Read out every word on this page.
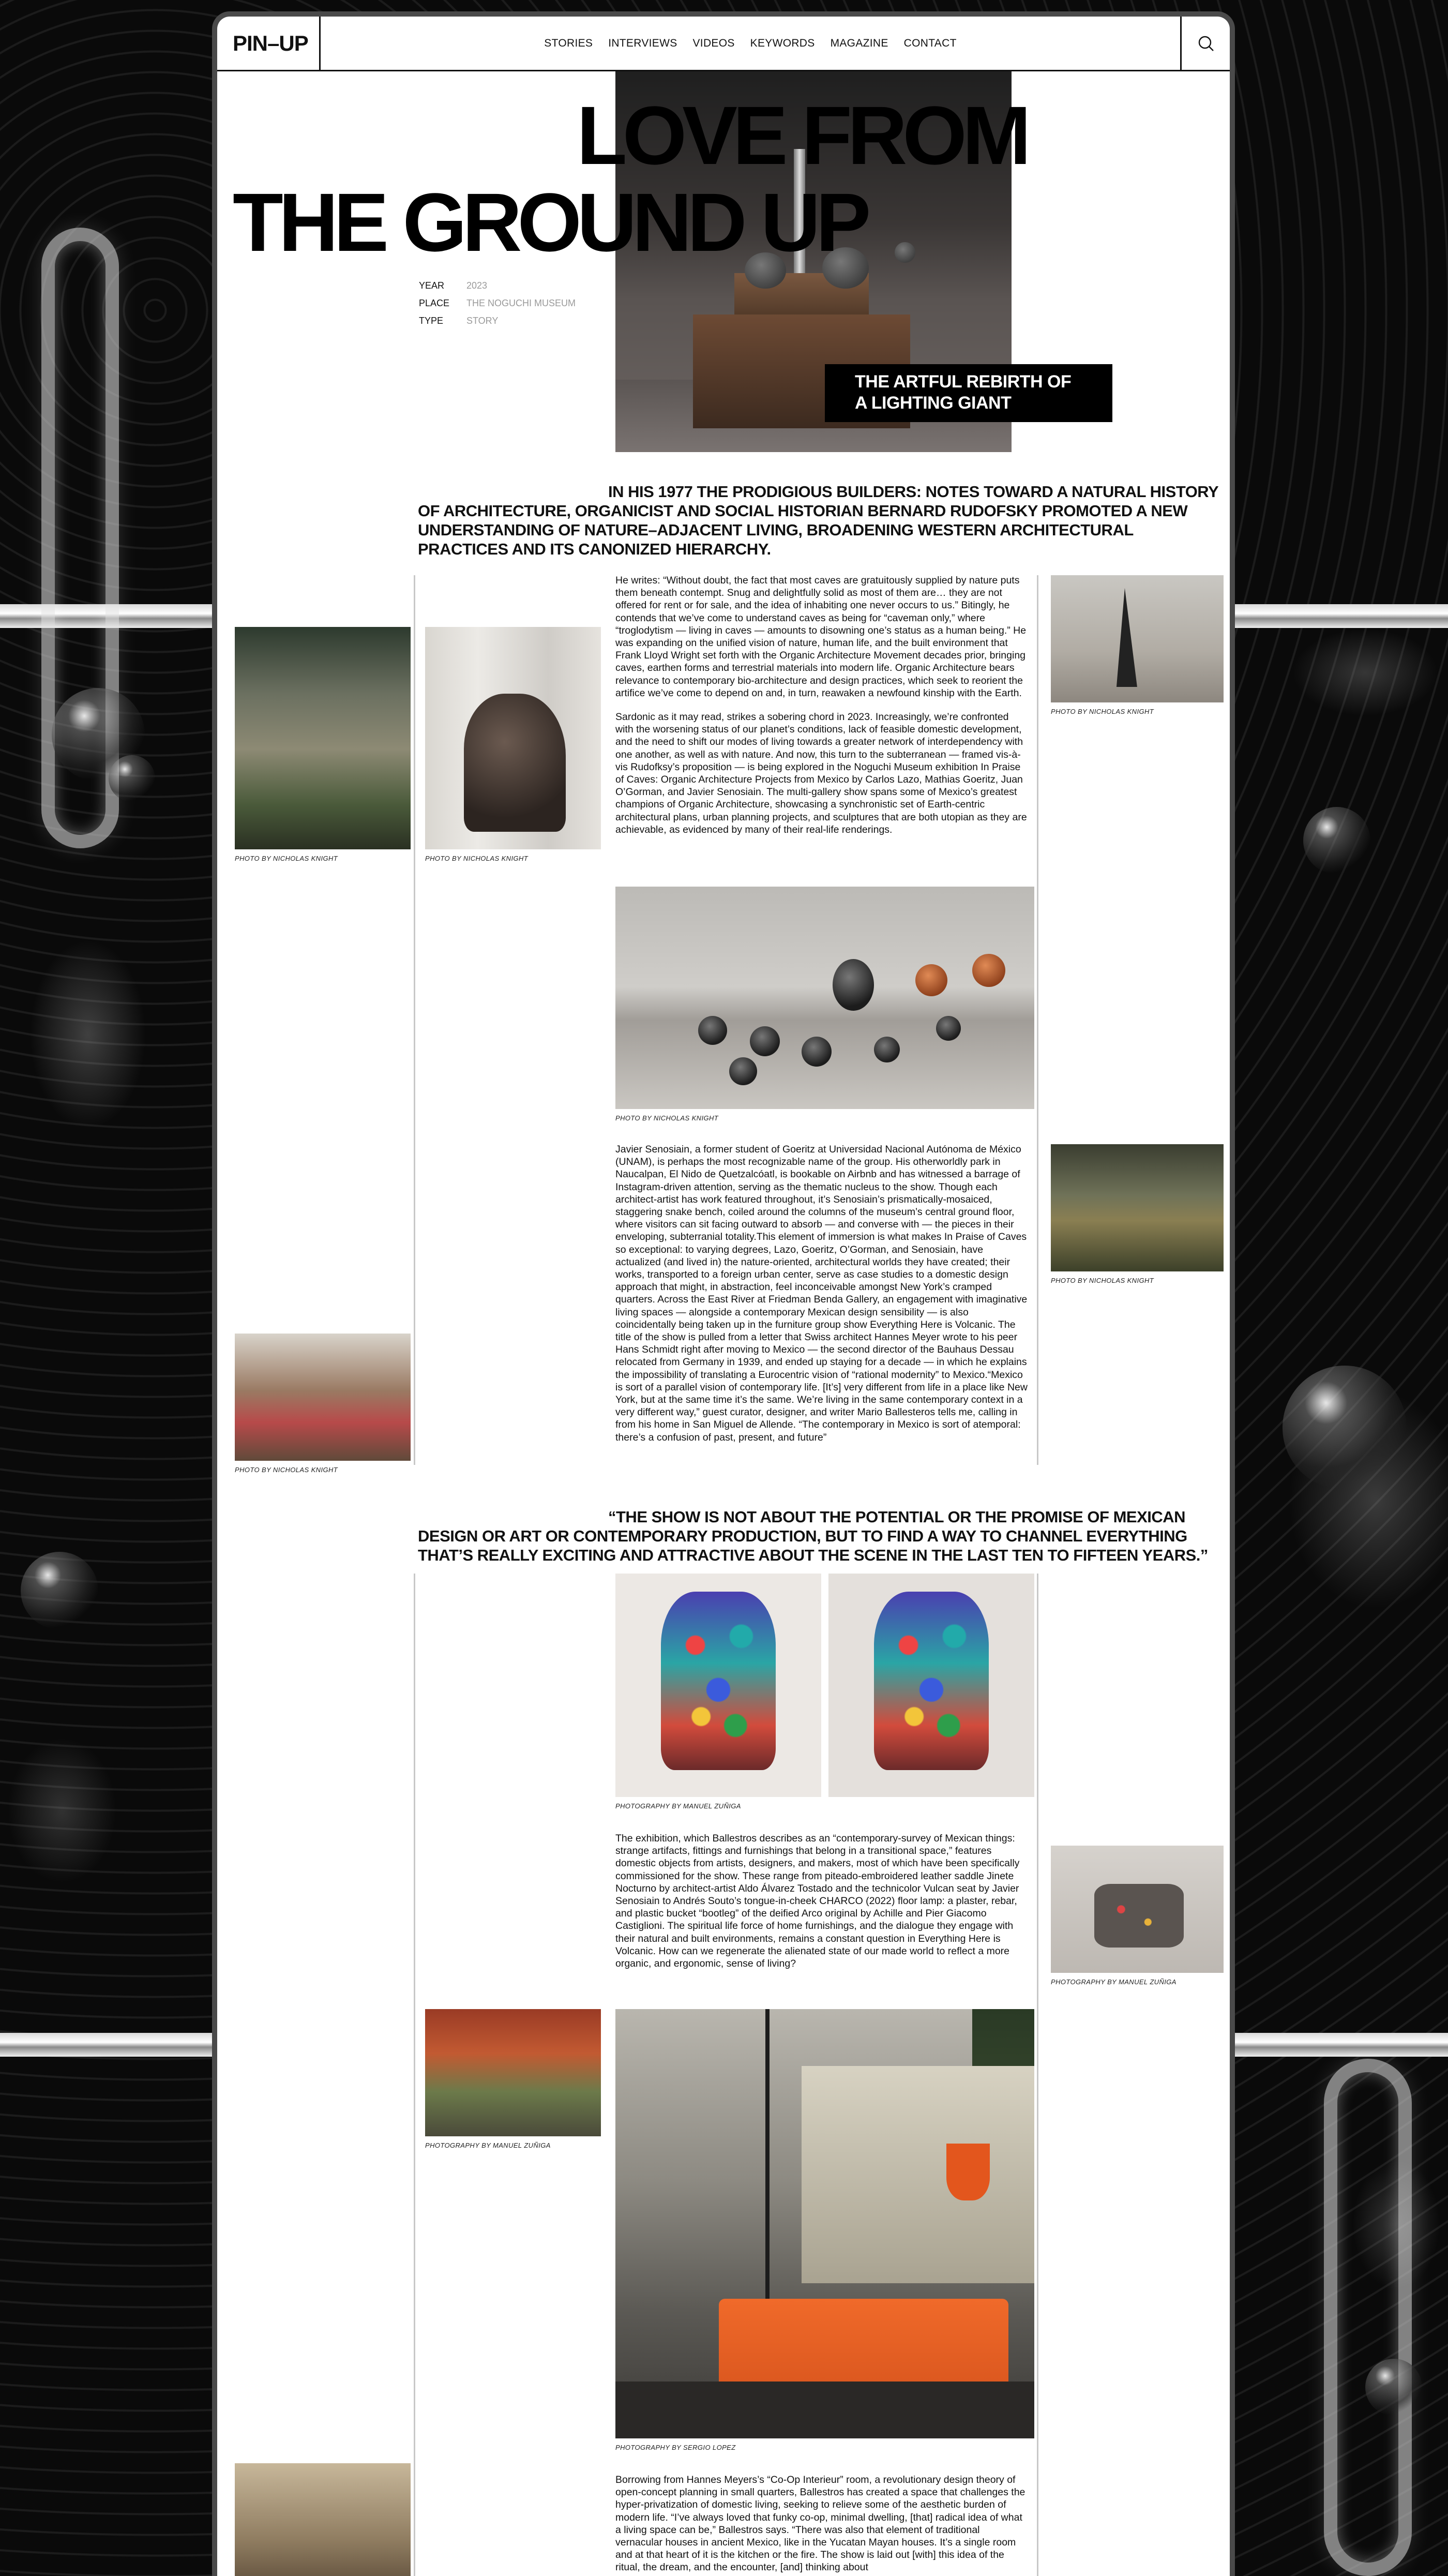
PIN–UP	STORIES INTERVIEWS VIDEOS KEYWORDS MAGAZINE CONTACT
LOVE FROM
THE GROUND UP
THE ARTFUL REBIRTH OF A LIGHTING GIANT
YEAR 2023
PLACE THE NOGUCHI MUSEUM
TYPE STORY
IN HIS 1977 THE PRODIGIOUS BUILDERS: NOTES TOWARD A NATURAL HISTORY OF ARCHITECTURE, ORGANICIST AND SOCIAL HISTORIAN BERNARD RUDOFSKY PROMOTED A NEW UNDERSTANDING OF NATURE–ADJACENT LIVING, BROADENING WESTERN ARCHITECTURAL PRACTICES AND ITS CANONIZED HIERARCHY.

He writes: “Without doubt, the fact that most caves are gratuitously supplied by nature puts them beneath contempt. Snug and delightfully solid as most of them are… they are not offered for rent or for sale, and the idea of inhabiting one never occurs to us.” Bitingly, he contends that we’ve come to understand caves as being for “caveman only,” where “troglodytism — living in caves — amounts to disowning one’s status as a human being.” He was expanding on the unified vision of nature, human life, and the built environment that Frank Lloyd Wright set forth with the Organic Architecture Movement decades prior, bringing caves, earthen forms and terrestrial materials into modern life. Organic Architecture bears relevance to contemporary bio-architecture and design practices, which seek to reorient the artifice we’ve come to depend on and, in turn, reawaken a newfound kinship with the Earth.

Sardonic as it may read, strikes a sobering chord in 2023. Increasingly, we’re confronted with the worsening status of our planet’s conditions, lack of feasible domestic development, and the need to shift our modes of living towards a greater network of interdependency with one another, as well as with nature. And now, this turn to the subterranean — framed vis-à-vis Rudofksy’s proposition — is being explored in the Noguchi Museum exhibition In Praise of Caves: Organic Architecture Projects from Mexico by Carlos Lazo, Mathias Goeritz, Juan O’Gorman, and Javier Senosiain. The multi-gallery show spans some of Mexico’s greatest champions of Organic Architecture, showcasing a synchronistic set of Earth-centric architectural plans, urban planning projects, and sculptures that are both utopian as they are achievable, as evidenced by many of their real-life renderings.

PHOTO BY NICHOLAS KNIGHT	PHOTO BY NICHOLAS KNIGHT
PHOTO BY NICHOLAS KNIGHT
PHOTO BY NICHOLAS KNIGHT

Javier Senosiain, a former student of Goeritz at Universidad Nacional Autónoma de México (UNAM), is perhaps the most recognizable name of the group. His otherworldly park in Naucalpan, El Nido de Quetzalcóatl, is bookable on Airbnb and has witnessed a barrage of Instagram-driven attention, serving as the thematic nucleus to the show. Though each architect-artist has work featured throughout, it’s Senosiain’s prismatically-mosaiced, staggering snake bench, coiled around the columns of the museum’s central ground floor, where visitors can sit facing outward to absorb — and converse with — the pieces in their enveloping, subterranial totality.This element of immersion is what makes In Praise of Caves so exceptional: to varying degrees, Lazo, Goeritz, O’Gorman, and Senosiain, have actualized (and lived in) the nature-oriented, architectural worlds they have created; their works, transported to a foreign urban center, serve as case studies to a domestic design approach that might, in abstraction, feel inconceivable amongst New York’s cramped quarters. Across the East River at Friedman Benda Gallery, an engagement with imaginative living spaces — alongside a contemporary Mexican design sensibility — is also coincidentally being taken up in the furniture group show Everything Here is Volcanic. The title of the show is pulled from a letter that Swiss architect Hannes Meyer wrote to his peer Hans Schmidt right after moving to Mexico — the second director of the Bauhaus Dessau relocated from Germany in 1939, and ended up staying for a decade — in which he explains the impossibility of translating a Eurocentric vision of “rational modernity” to Mexico.“Mexico is sort of a parallel vision of contemporary life. [It’s] very different from life in a place like New York, but at the same time it’s the same. We’re living in the same contemporary context in a very different way,” guest curator, designer, and writer Mario Ballesteros tells me, calling in from his home in San Miguel de Allende. “The contemporary in Mexico is sort of atemporal: there’s a confusion of past, present, and future”

PHOTO BY NICHOLAS KNIGHT
PHOTO BY NICHOLAS KNIGHT
“THE SHOW IS NOT ABOUT THE POTENTIAL OR THE PROMISE OF MEXICAN DESIGN OR ART OR CONTEMPORARY PRODUCTION, BUT TO FIND A WAY TO CHANNEL EVERYTHING THAT’S REALLY EXCITING AND ATTRACTIVE ABOUT THE SCENE IN THE LAST TEN TO FIFTEEN YEARS.”
PHOTOGRAPHY BY MANUEL ZUÑIGA

The exhibition, which Ballestros describes as an “contemporary-survey of Mexican things: strange artifacts, fittings and furnishings that belong in a transitional space,” features domestic objects from artists, designers, and makers, most of which have been specifically commissioned for the show. These range from piteado-embroidered leather saddle Jinete Nocturno by architect-artist Aldo Álvarez Tostado and the technicolor Vulcan seat by Javier Senosiain to Andrés Souto’s tongue-in-cheek CHARCO (2022) floor lamp: a plaster, rebar, and plastic bucket “bootleg” of the deified Arco original by Achille and Pier Giacomo Castiglioni. The spiritual life force of home furnishings, and the dialogue they engage with their natural and built environments, remains a constant question in Everything Here is Volcanic. How can we regenerate the alienated state of our made world to reflect a more organic, and ergonomic, sense of living?

PHOTOGRAPHY BY MANUEL ZUÑIGA
PHOTOGRAPHY BY MANUEL ZUÑIGA
PHOTOGRAPHY BY SERGIO LOPEZ

Borrowing from Hannes Meyers’s “Co-Op Interieur” room, a revolutionary design theory of open-concept planning in small quarters, Ballestros has created a space that challenges the hyper-privatization of domestic living, seeking to relieve some of the aesthetic burden of modern life. “I’ve always loved that funky co-op, minimal dwelling, [that] radical idea of what a living space can be,” Ballestros says. “There was also that element of traditional vernacular houses in ancient Mexico, like in the Yucatan Mayan houses. It’s a single room and at that heart of it is the kitchen or the fire. The show is laid out [with] this idea of the ritual, the dream, and the encounter, [and] thinking about
